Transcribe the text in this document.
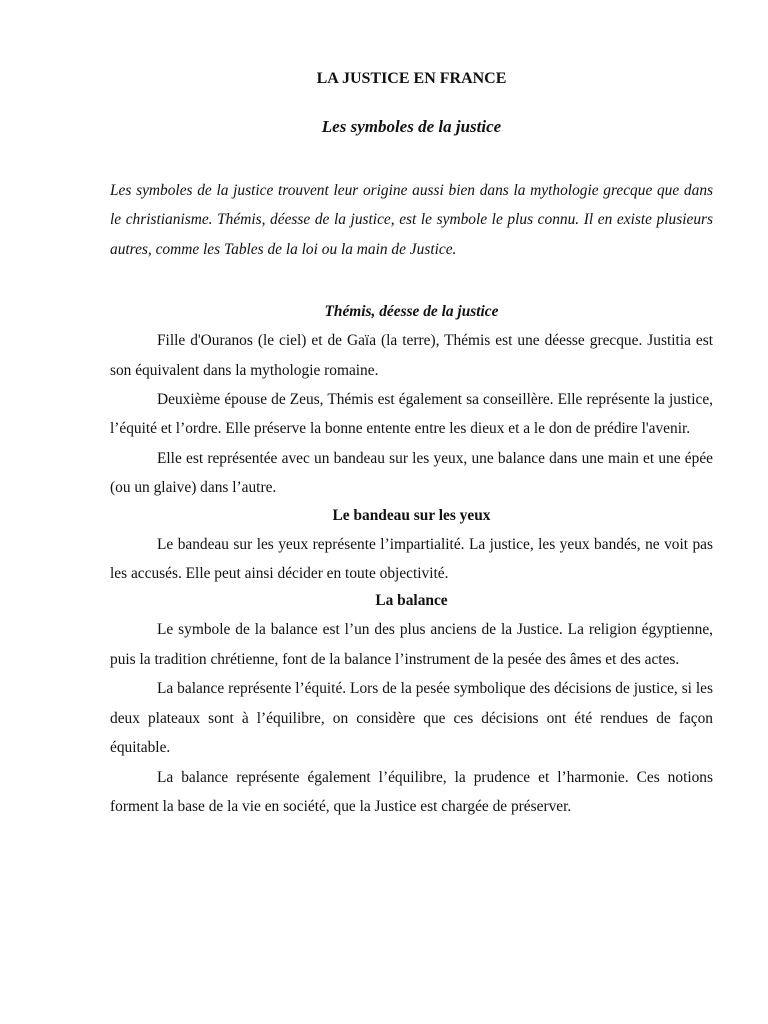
LA JUSTICE EN FRANCE
Les symboles de la justice

Les symboles de la justice trouvent leur origine aussi bien dans la mythologie grecque que dans le christianisme. Thémis, déesse de la justice, est le symbole le plus connu. Il en existe plusieurs autres, comme les Tables de la loi ou la main de Justice.

Thémis, déesse de la justice

Fille d'Ouranos (le ciel) et de Gaïa (la terre), Thémis est une déesse grecque. Justitia est son équivalent dans la mythologie romaine.

Deuxième épouse de Zeus, Thémis est également sa conseillère. Elle représente la justice, l’équité et l’ordre. Elle préserve la bonne entente entre les dieux et a le don de prédire l'avenir.

Elle est représentée avec un bandeau sur les yeux, une balance dans une main et une épée (ou un glaive) dans l’autre.

Le bandeau sur les yeux

Le bandeau sur les yeux représente l’impartialité. La justice, les yeux bandés, ne voit pas les accusés. Elle peut ainsi décider en toute objectivité.

La balance

Le symbole de la balance est l’un des plus anciens de la Justice. La religion égyptienne, puis la tradition chrétienne, font de la balance l’instrument de la pesée des âmes et des actes.

La balance représente l’équité. Lors de la pesée symbolique des décisions de justice, si les deux plateaux sont à l’équilibre, on considère que ces décisions ont été rendues de façon équitable.

La balance représente également l’équilibre, la prudence et l’harmonie. Ces notions forment la base de la vie en société, que la Justice est chargée de préserver.
